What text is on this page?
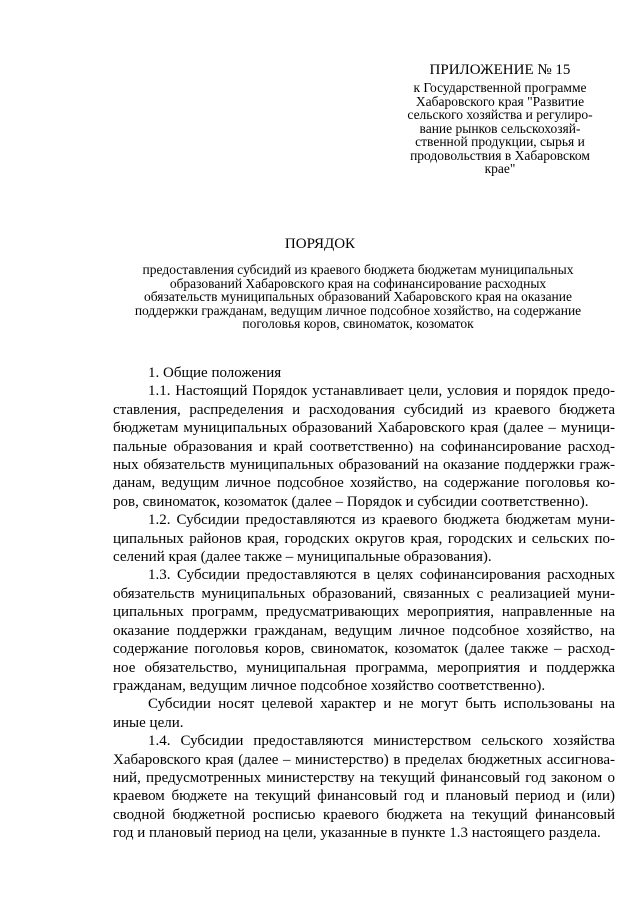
ПРИЛОЖЕНИЕ № 15
к Государственной программе
Хабаровского края "Развитие
сельского хозяйства и регулиро-
вание рынков сельскохозяй-
ственной продукции, сырья и
продовольствия в Хабаровском
крае"
ПОРЯДОК
предоставления субсидий из краевого бюджета бюджетам муниципальных
образований Хабаровского края на софинансирование расходных
обязательств муниципальных образований Хабаровского края на оказание
поддержки гражданам, ведущим личное подсобное хозяйство, на содержание
поголовья коров, свиноматок, козоматок
1. Общие положения
1.1. Настоящий Порядок устанавливает цели, условия и порядок предо-
ставления, распределения и расходования субсидий из краевого бюджета
бюджетам муниципальных образований Хабаровского края (далее – муници-
пальные образования и край соответственно) на софинансирование расход-
ных обязательств муниципальных образований на оказание поддержки граж-
данам, ведущим личное подсобное хозяйство, на содержание поголовья ко-
ров, свиноматок, козоматок (далее – Порядок и субсидии соответственно).
1.2. Субсидии предоставляются из краевого бюджета бюджетам муни-
ципальных районов края, городских округов края, городских и сельских по-
селений края (далее также – муниципальные образования).
1.3. Субсидии предоставляются в целях софинансирования расходных
обязательств муниципальных образований, связанных с реализацией муни-
ципальных программ, предусматривающих мероприятия, направленные на
оказание поддержки гражданам, ведущим личное подсобное хозяйство, на
содержание поголовья коров, свиноматок, козоматок (далее также – расход-
ное обязательство, муниципальная программа, мероприятия и поддержка
гражданам, ведущим личное подсобное хозяйство соответственно).
Субсидии носят целевой характер и не могут быть использованы на
иные цели.
1.4. Субсидии предоставляются министерством сельского хозяйства
Хабаровского края (далее – министерство) в пределах бюджетных ассигнова-
ний, предусмотренных министерству на текущий финансовый год законом о
краевом бюджете на текущий финансовый год и плановый период и (или)
сводной бюджетной росписью краевого бюджета на текущий финансовый
год и плановый период на цели, указанные в пункте 1.3 настоящего раздела.
